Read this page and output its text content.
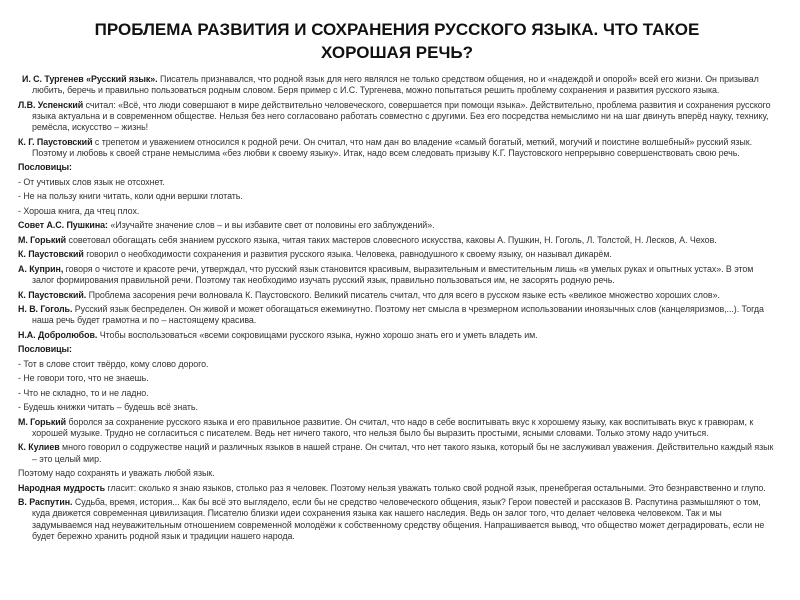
ПРОБЛЕМА РАЗВИТИЯ И СОХРАНЕНИЯ РУССКОГО ЯЗЫКА. ЧТО ТАКОЕ ХОРОШАЯ РЕЧЬ?

И. С. Тургенев «Русский язык». Писатель признавался, что родной язык для него являлся не только средством общения, но и «надеждой и опорой» всей его жизни. Он призывал любить, беречь и правильно пользоваться родным словом. Беря пример с И.С. Тургенева, можно попытаться решить проблему сохранения и развития русского языка.

Л.В. Успенский считал: «Всё, что люди совершают в мире действительно человеческого, совершается при помощи языка». Действительно, проблема развития и сохранения русского языка актуальна и в современном обществе. Нельзя без него согласовано работать совместно с другими. Без его посредства немыслимо ни на шаг двинуть вперёд науку, технику, ремёсла, искусство – жизнь!

К. Г. Паустовский с трепетом и уважением относился к родной речи. Он считал, что нам дан во владение «самый богатый, меткий, могучий и поистине волшебный» русский язык. Поэтому и любовь к своей стране немыслима «без любви к своему языку». Итак, надо всем следовать призыву К.Г. Паустовского непрерывно совершенствовать свою речь.

Пословицы:

- От учтивых слов язык не отсохнет.

- Не на пользу книги читать, коли одни вершки глотать.

- Хороша книга, да чтец плох.

Совет А.С. Пушкина: «Изучайте значение слов – и вы избавите свет от половины его заблуждений».

М. Горький советовал обогащать себя знанием русского языка, читая таких мастеров словесного искусства, каковы А. Пушкин, Н. Гоголь, Л. Толстой, Н. Лесков, А. Чехов.

К. Паустовский говорил о необходимости сохранения и развития русского языка. Человека, равнодушного к своему языку, он называл дикарём.

А. Куприн, говоря о чистоте и красоте речи, утверждал, что русский язык становится красивым, выразительным и вместительным лишь «в умелых руках и опытных устах». В этом залог формирования правильной речи. Поэтому так необходимо изучать русский язык, правильно пользоваться им, не засорять родную речь.

К. Паустовский. Проблема засорения речи волновала К. Паустовского. Великий писатель считал, что для всего в русском языке есть «великое множество хороших слов».

Н. В. Гоголь. Русский язык беспределен. Он живой и может обогащаться ежеминутно. Поэтому нет смысла в чрезмерном использовании иноязычных слов (канцеляризмов,...). Тогда наша речь будет грамотна и по – настоящему красива.

Н.А. Добролюбов. Чтобы воспользоваться «всеми сокровищами русского языка, нужно хорошо знать его и уметь владеть им.

Пословицы:

- Тот в слове стоит твёрдо, кому слово дорого.

- Не говори того, что не знаешь.

- Что не складно, то и не ладно.

- Будешь книжки читать – будешь всё знать.

М. Горький боролся за сохранение русского языка и его правильное развитие. Он считал, что надо в себе воспитывать вкус к хорошему языку, как воспитывать вкус к гравюрам, к хорошей музыке. Трудно не согласиться с писателем. Ведь нет ничего такого, что нельзя было бы выразить простыми, ясными словами. Только этому надо учиться.

К. Кулиев много говорил о содружестве наций и различных языков в нашей стране. Он считал, что нет такого языка, который бы не заслуживал уважения. Действительно каждый язык – это целый мир.

Поэтому надо сохранять и уважать любой язык.

Народная мудрость гласит: сколько я знаю языков, столько раз я человек. Поэтому нельзя уважать только свой родной язык, пренебрегая остальными. Это безнравственно и глупо.

В. Распутин. Судьба, время, история... Как бы всё это выглядело, если бы не средство человеческого общения, язык? Герои повестей и рассказов В. Распутина размышляют о том, куда движется современная цивилизация. Писателю близки идеи сохранения языка как нашего наследия. Ведь он залог того, что делает человека человеком. Так и мы задумываемся над неуважительным отношением современной молодёжи к собственному средству общения. Напрашивается вывод, что общество может деградировать, если не будет бережно хранить родной язык и традиции нашего народа.
